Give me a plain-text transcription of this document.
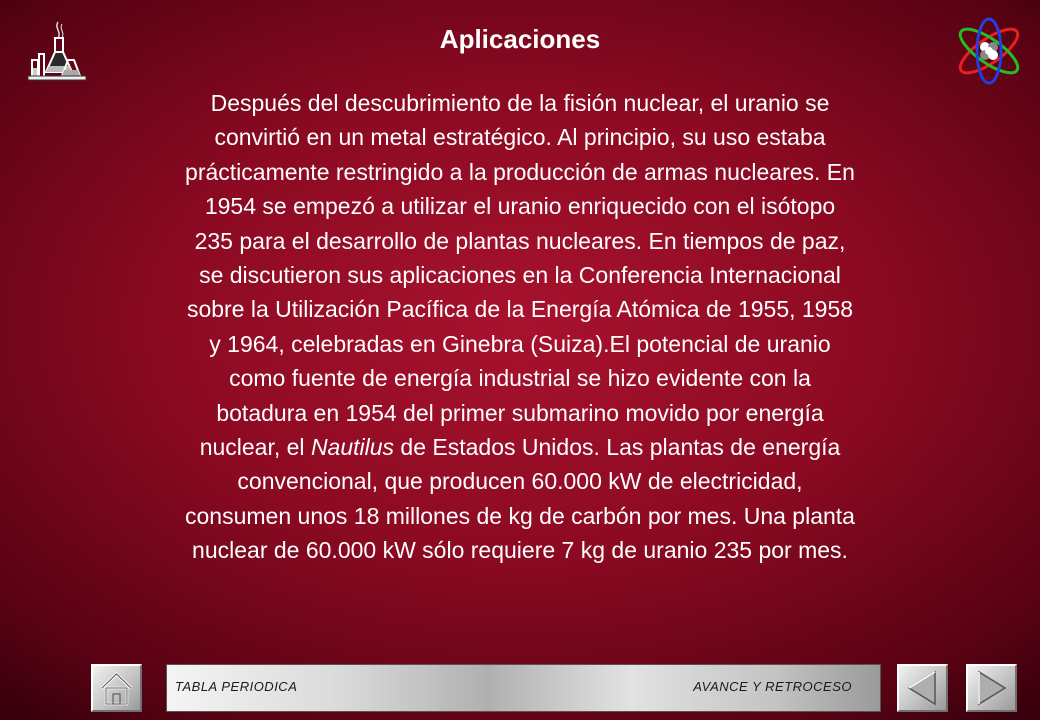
Aplicaciones
Después del descubrimiento de la fisión nuclear, el uranio se
convirtió en un metal estratégico. Al principio, su uso estaba
prácticamente restringido a la producción de armas nucleares. En
1954 se empezó a utilizar el uranio enriquecido con el isótopo
235 para el desarrollo de plantas nucleares. En tiempos de paz,
se discutieron sus aplicaciones en la Conferencia Internacional
sobre la Utilización Pacífica de la Energía Atómica de 1955, 1958
y 1964, celebradas en Ginebra (Suiza).El potencial de uranio
como fuente de energía industrial se hizo evidente con la
botadura en 1954 del primer submarino movido por energía
nuclear, el Nautilus de Estados Unidos. Las plantas de energía
convencional, que producen 60.000 kW de electricidad,
consumen unos 18 millones de kg de carbón por mes. Una planta
nuclear de 60.000 kW sólo requiere 7 kg de uranio 235 por mes.
TABLA PERIODICA	AVANCE Y RETROCESO
